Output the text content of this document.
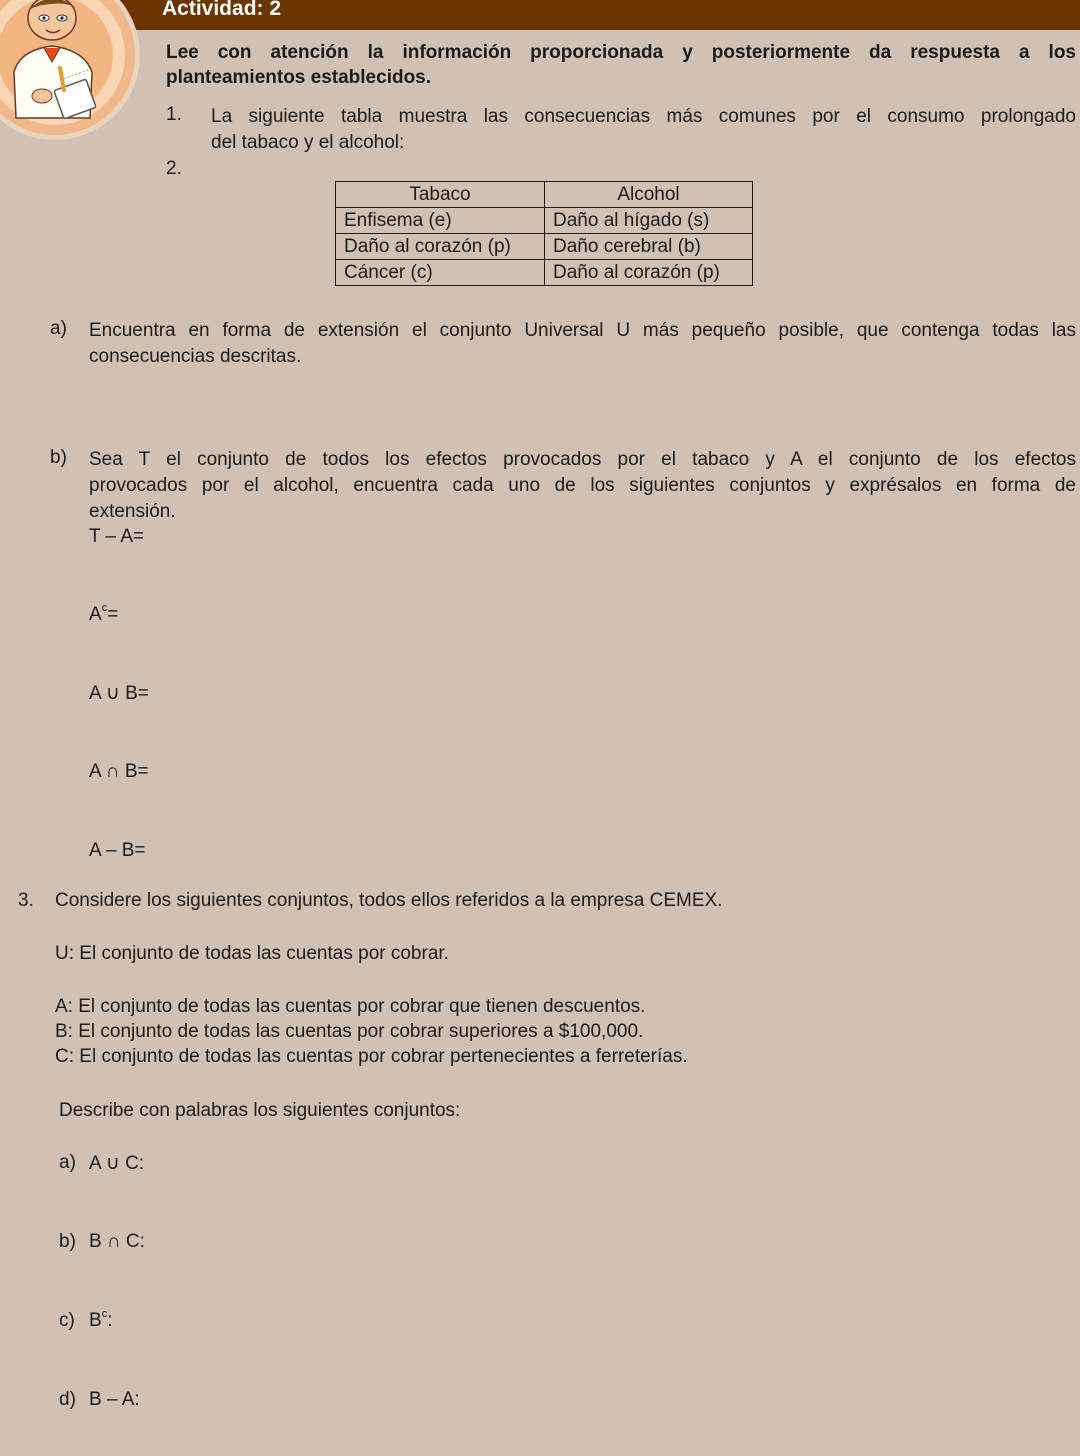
Actividad: 2
Lee con atención la información proporcionada y posteriormente da respuesta a los
planteamientos establecidos.
1. La siguiente tabla muestra las consecuencias más comunes por el consumo prolongado
del tabaco y el alcohol:
2.
Tabaco	Alcohol
Enfisema (e)	Daño al hígado (s)
Daño al corazón (p)	Daño cerebral (b)
Cáncer (c)	Daño al corazón (p)
a) Encuentra en forma de extensión el conjunto Universal U más pequeño posible, que contenga todas las
consecuencias descritas.
b) Sea T el conjunto de todos los efectos provocados por el tabaco y A el conjunto de los efectos
provocados por el alcohol, encuentra cada uno de los siguientes conjuntos y exprésalos en forma de
extensión.
T – A=
$A^c=$
A ∪ B=
A ∩ B=
A – B=
3. Considere los siguientes conjuntos, todos ellos referidos a la empresa CEMEX.
U: El conjunto de todas las cuentas por cobrar.
A: El conjunto de todas las cuentas por cobrar que tienen descuentos.
B: El conjunto de todas las cuentas por cobrar superiores a $100,000.
C: El conjunto de todas las cuentas por cobrar pertenecientes a ferreterías.
Describe con palabras los siguientes conjuntos:
a) A ∪ C:
b) B ∩ C:
c) $B^c$:
d) B – A:
